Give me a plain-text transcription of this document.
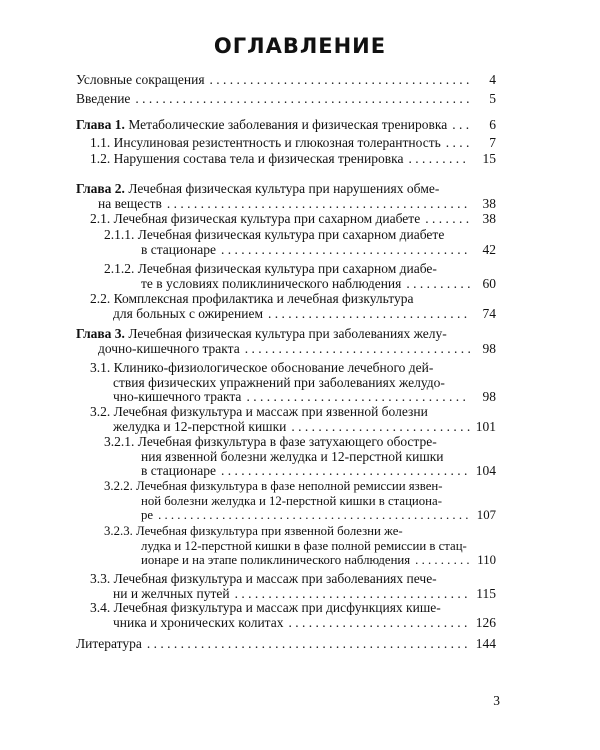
ОГЛАВЛЕНИЕ
Условные сокращения . . .	4
Введение . . .	5
Глава 1. Метаболические заболевания и физическая тренировка . . .	6
1.1. Инсулиновая резистентность и глюкозная толерантность . . .	7
1.2. Нарушения состава тела и физическая тренировка . . .	15
Глава 2. Лечебная физическая культура при нарушениях обме-
на веществ . . .	38
2.1. Лечебная физическая культура при сахарном диабете . . .	38
2.1.1. Лечебная физическая культура при сахарном диабете
в стационаре . . .	42
2.1.2. Лечебная физическая культура при сахарном диабе-
те в условиях поликлинического наблюдения . . .	60
2.2. Комплексная профилактика и лечебная физкультура
для больных с ожирением . . .	74
Глава 3. Лечебная физическая культура при заболеваниях желу-
дочно-кишечного тракта . . .	98
3.1. Клинико-физиологическое обоснование лечебного дей-
ствия физических упражнений при заболеваниях желудо-
чно-кишечного тракта . . .	98
3.2. Лечебная физкультура и массаж при язвенной болезни
желудка и 12-перстной кишки . . .	101
3.2.1. Лечебная физкультура в фазе затухающего обостре-
ния язвенной болезни желудка и 12-перстной кишки
в стационаре . . .	104
3.2.2. Лечебная физкультура в фазе неполной ремиссии язвен-
ной болезни желудка и 12-перстной кишки в стациона-
ре . . .	107
3.2.3. Лечебная физкультура при язвенной болезни же-
лудка и 12-перстной кишки в фазе полной ремиссии в стац-
ионаре и на этапе поликлинического наблюдения . . .	110
3.3. Лечебная физкультура и массаж при заболеваниях пече-
ни и желчных путей . . .	115
3.4. Лечебная физкультура и массаж при дисфункциях кише-
чника и хронических колитах . . .	126
Литература . . .	144
3
